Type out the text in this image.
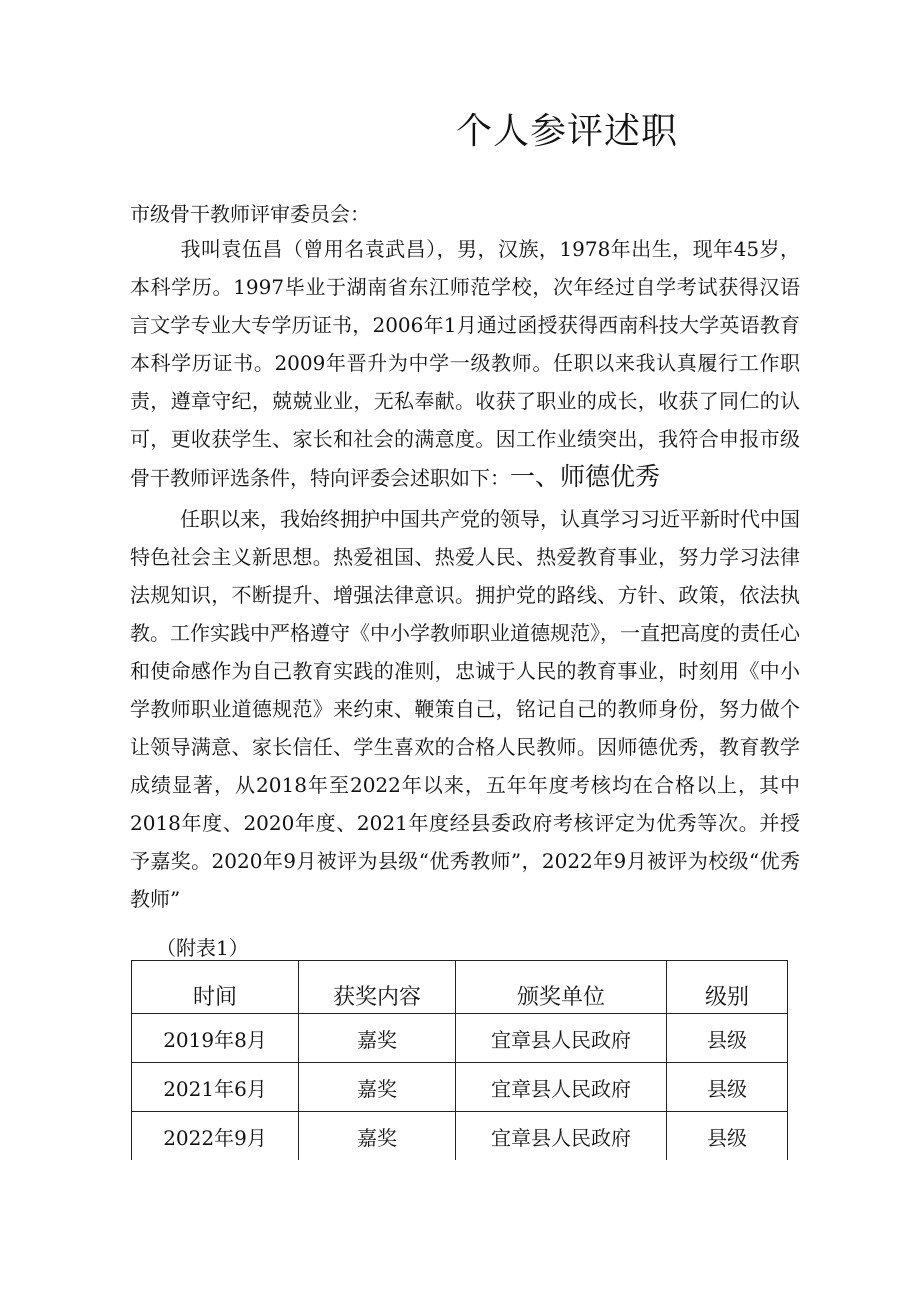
个人参评述职
市级骨干教师评审委员会：

我叫袁伍昌（曾用名袁武昌），男，汉族，1978年出生，现年45岁，本科学历。1997毕业于湖南省东江师范学校，次年经过自学考试获得汉语言文学专业大专学历证书，2006年1月通过函授获得西南科技大学英语教育本科学历证书。2009年晋升为中学一级教师。任职以来我认真履行工作职责，遵章守纪，兢兢业业，无私奉献。收获了职业的成长，收获了同仁的认可，更收获学生、家长和社会的满意度。因工作业绩突出，我符合申报市级骨干教师评选条件，特向评委会述职如下：一、师德优秀

任职以来，我始终拥护中国共产党的领导，认真学习习近平新时代中国特色社会主义新思想。热爱祖国、热爱人民、热爱教育事业，努力学习法律法规知识，不断提升、增强法律意识。拥护党的路线、方针、政策，依法执教。工作实践中严格遵守《中小学教师职业道德规范》，一直把高度的责任心和使命感作为自己教育实践的准则，忠诚于人民的教育事业，时刻用《中小学教师职业道德规范》来约束、鞭策自己，铭记自己的教师身份，努力做个让领导满意、家长信任、学生喜欢的合格人民教师。因师德优秀，教育教学成绩显著，从2018年至2022年以来，五年年度考核均在合格以上，其中2018年度、2020年度、2021年度经县委政府考核评定为优秀等次。并授予嘉奖。2020年9月被评为县级“优秀教师”，2022年9月被评为校级“优秀教师”

（附表1）
时间	获奖内容	颁奖单位	级别
2019年8月	嘉奖	宜章县人民政府	县级
2021年6月	嘉奖	宜章县人民政府	县级
2022年9月	嘉奖	宜章县人民政府	县级
